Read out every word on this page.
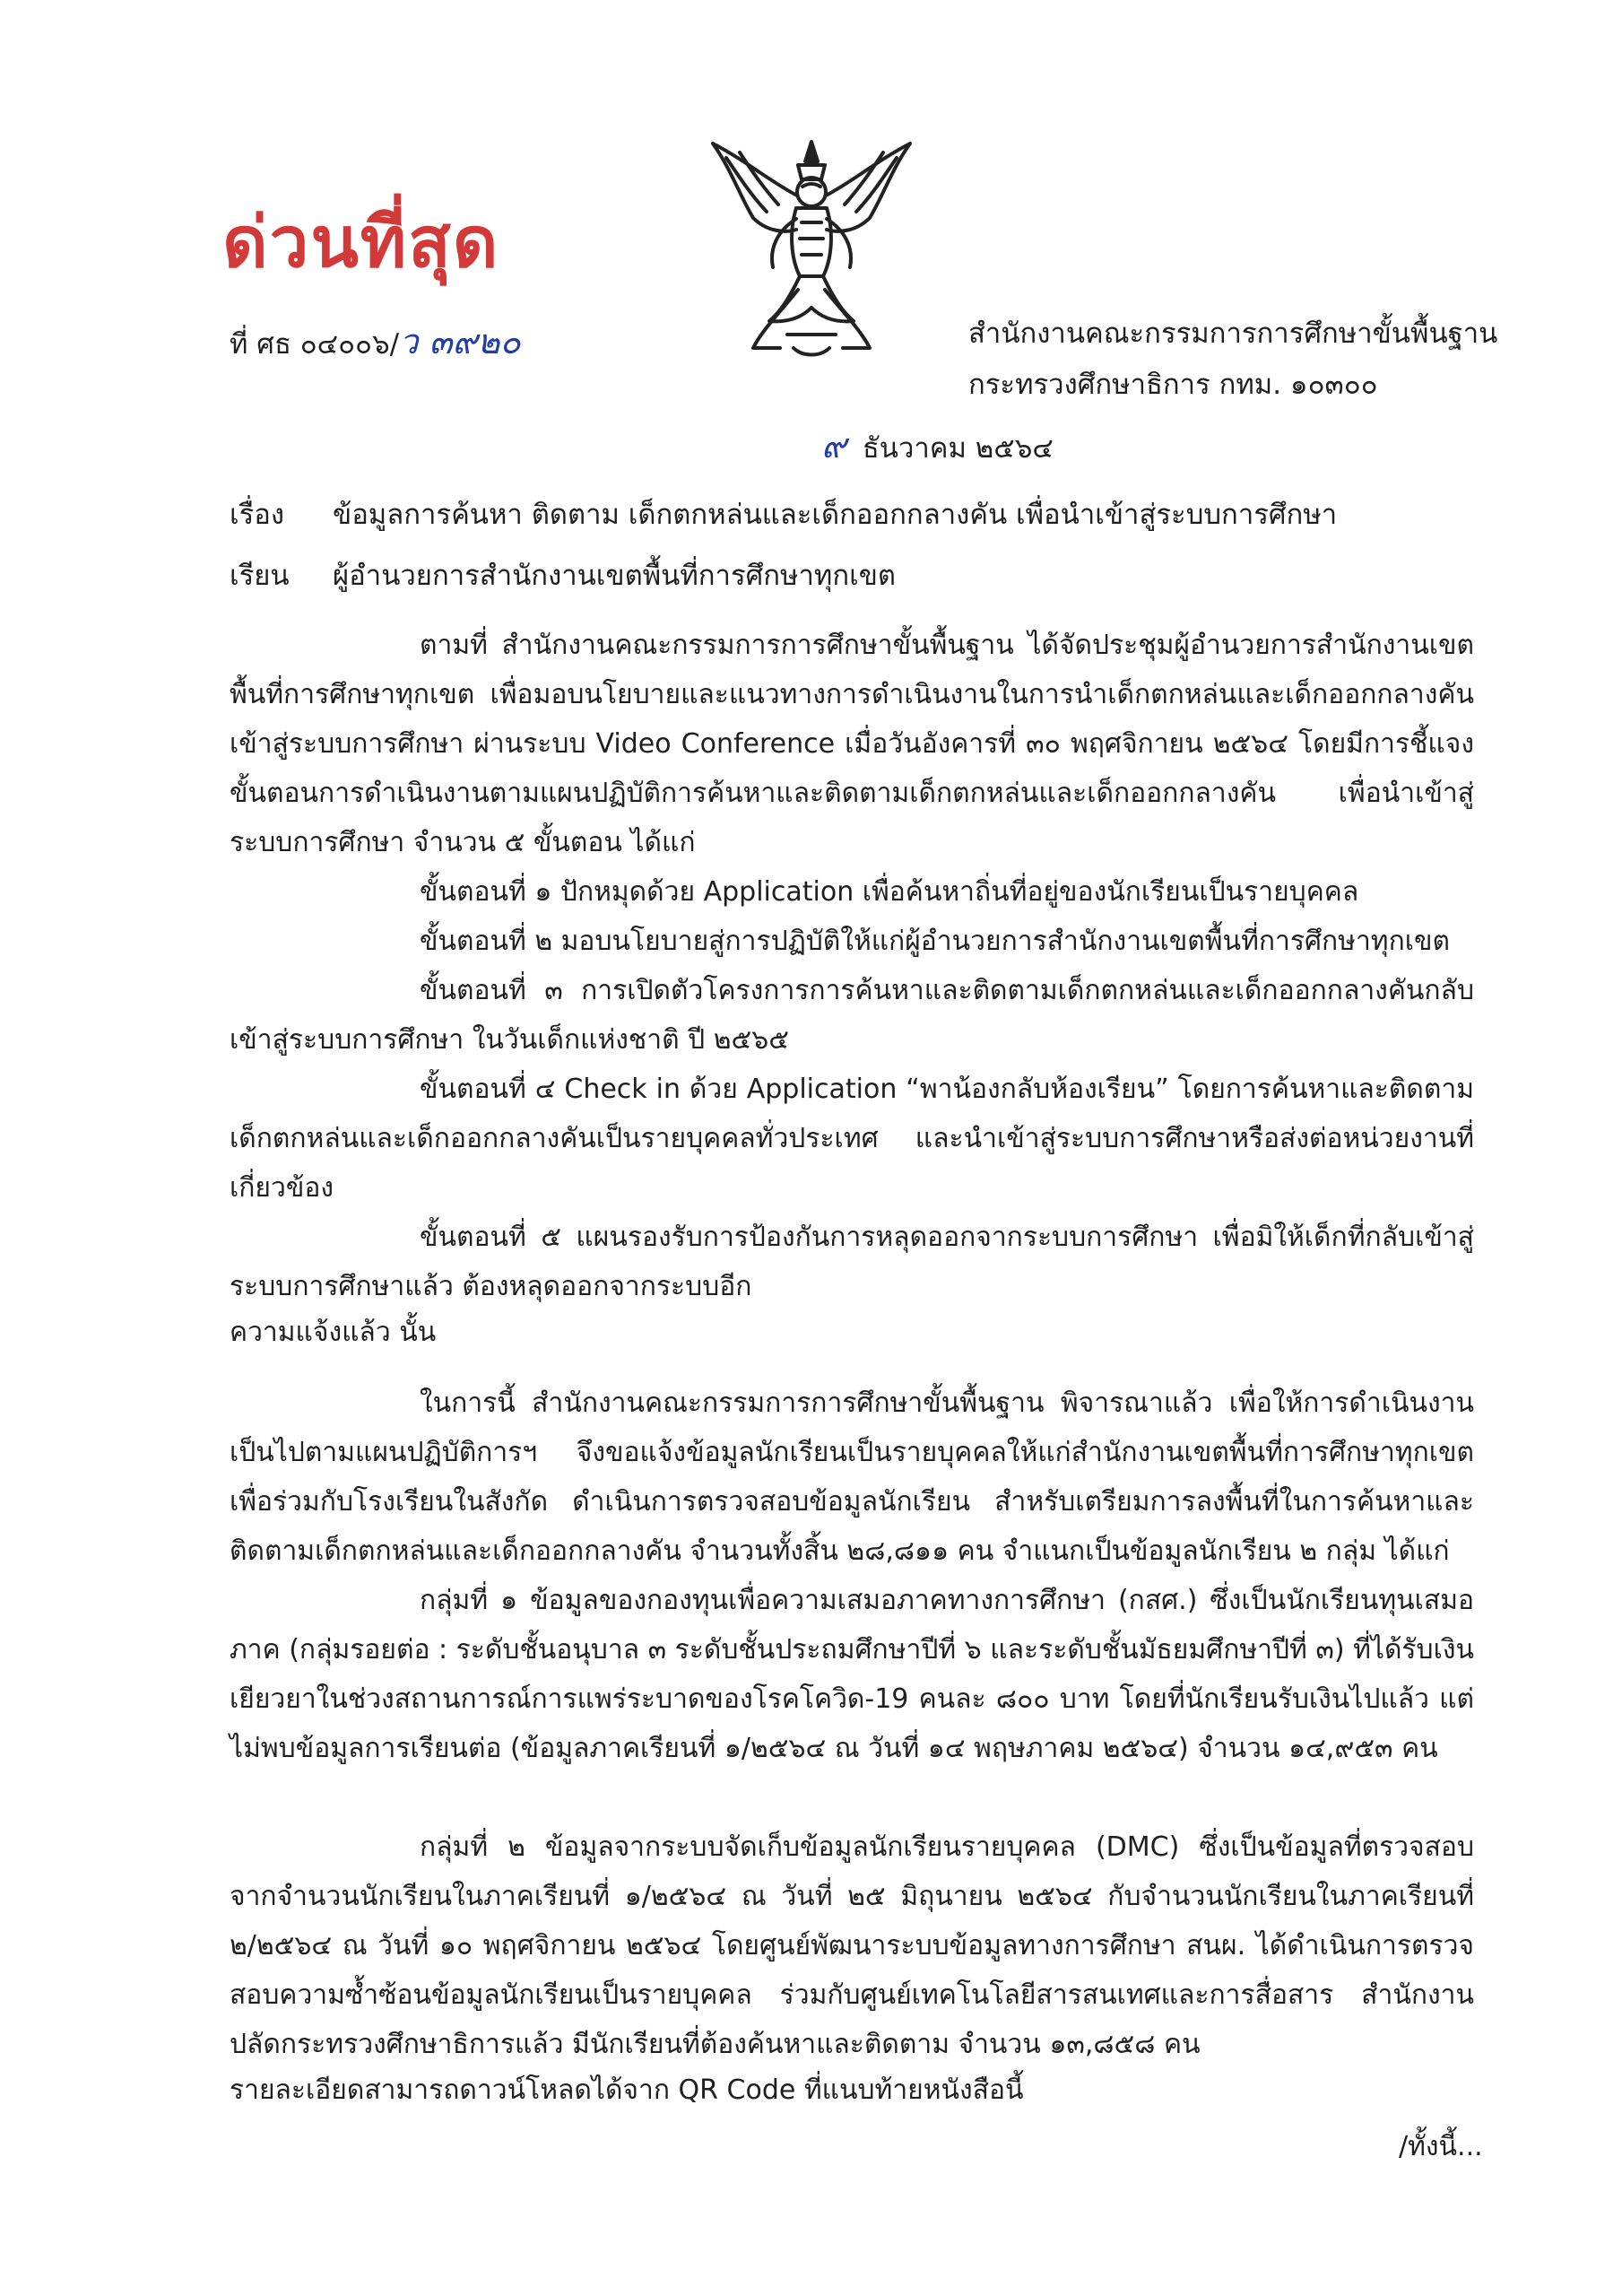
ด่วนที่สุด
ที่ ศธ ๐๔๐๐๖/ว ๓๙๒๐	สำนักงานคณะกรรมการการศึกษาขั้นพื้นฐาน
กระทรวงศึกษาธิการ กทม. ๑๐๓๐๐
๙ ธันวาคม ๒๕๖๔
เรื่อง ข้อมูลการค้นหา ติดตาม เด็กตกหล่นและเด็กออกกลางคัน เพื่อนำเข้าสู่ระบบการศึกษา
เรียน ผู้อำนวยการสำนักงานเขตพื้นที่การศึกษาทุกเขต
ตามที่ สำนักงานคณะกรรมการการศึกษาขั้นพื้นฐาน ได้จัดประชุมผู้อำนวยการสำนักงานเขตพื้นที่การศึกษาทุกเขต เพื่อมอบนโยบายและแนวทางการดำเนินงานในการนำเด็กตกหล่นและเด็กออกกลางคันเข้าสู่ระบบการศึกษา ผ่านระบบ Video Conference เมื่อวันอังคารที่ ๓๐ พฤศจิกายน ๒๕๖๔ โดยมีการชี้แจงขั้นตอนการดำเนินงานตามแผนปฏิบัติการค้นหาและติดตามเด็กตกหล่นและเด็กออกกลางคัน เพื่อนำเข้าสู่ระบบการศึกษา จำนวน ๕ ขั้นตอน ได้แก่
ขั้นตอนที่ ๑ ปักหมุดด้วย Application เพื่อค้นหาถิ่นที่อยู่ของนักเรียนเป็นรายบุคคล
ขั้นตอนที่ ๒ มอบนโยบายสู่การปฏิบัติให้แก่ผู้อำนวยการสำนักงานเขตพื้นที่การศึกษาทุกเขต
ขั้นตอนที่ ๓ การเปิดตัวโครงการการค้นหาและติดตามเด็กตกหล่นและเด็กออกกลางคันกลับเข้าสู่ระบบการศึกษา ในวันเด็กแห่งชาติ ปี ๒๕๖๕
ขั้นตอนที่ ๔ Check in ด้วย Application “พาน้องกลับห้องเรียน” โดยการค้นหาและติดตามเด็กตกหล่นและเด็กออกกลางคันเป็นรายบุคคลทั่วประเทศ และนำเข้าสู่ระบบการศึกษาหรือส่งต่อหน่วยงานที่เกี่ยวข้อง
ขั้นตอนที่ ๕ แผนรองรับการป้องกันการหลุดออกจากระบบการศึกษา เพื่อมิให้เด็กที่กลับเข้าสู่ระบบการศึกษาแล้ว ต้องหลุดออกจากระบบอีก
ความแจ้งแล้ว นั้น
ในการนี้ สำนักงานคณะกรรมการการศึกษาขั้นพื้นฐาน พิจารณาแล้ว เพื่อให้การดำเนินงานเป็นไปตามแผนปฏิบัติการฯ จึงขอแจ้งข้อมูลนักเรียนเป็นรายบุคคลให้แก่สำนักงานเขตพื้นที่การศึกษาทุกเขต เพื่อร่วมกับโรงเรียนในสังกัด ดำเนินการตรวจสอบข้อมูลนักเรียน สำหรับเตรียมการลงพื้นที่ในการค้นหาและติดตามเด็กตกหล่นและเด็กออกกลางคัน จำนวนทั้งสิ้น ๒๘,๘๑๑ คน จำแนกเป็นข้อมูลนักเรียน ๒ กลุ่ม ได้แก่
กลุ่มที่ ๑ ข้อมูลของกองทุนเพื่อความเสมอภาคทางการศึกษา (กสศ.) ซึ่งเป็นนักเรียนทุนเสมอภาค (กลุ่มรอยต่อ : ระดับชั้นอนุบาล ๓ ระดับชั้นประถมศึกษาปีที่ ๖ และระดับชั้นมัธยมศึกษาปีที่ ๓) ที่ได้รับเงินเยียวยาในช่วงสถานการณ์การแพร่ระบาดของโรคโควิด-19 คนละ ๘๐๐ บาท โดยที่นักเรียนรับเงินไปแล้ว แต่ไม่พบข้อมูลการเรียนต่อ (ข้อมูลภาคเรียนที่ ๑/๒๕๖๔ ณ วันที่ ๑๔ พฤษภาคม ๒๕๖๔) จำนวน ๑๔,๙๕๓ คน
กลุ่มที่ ๒ ข้อมูลจากระบบจัดเก็บข้อมูลนักเรียนรายบุคคล (DMC) ซึ่งเป็นข้อมูลที่ตรวจสอบจากจำนวนนักเรียนในภาคเรียนที่ ๑/๒๕๖๔ ณ วันที่ ๒๕ มิถุนายน ๒๕๖๔ กับจำนวนนักเรียนในภาคเรียนที่ ๒/๒๕๖๔ ณ วันที่ ๑๐ พฤศจิกายน ๒๕๖๔ โดยศูนย์พัฒนาระบบข้อมูลทางการศึกษา สนผ. ได้ดำเนินการตรวจสอบความซ้ำซ้อนข้อมูลนักเรียนเป็นรายบุคคล ร่วมกับศูนย์เทคโนโลยีสารสนเทศและการสื่อสาร สำนักงานปลัดกระทรวงศึกษาธิการแล้ว มีนักเรียนที่ต้องค้นหาและติดตาม จำนวน ๑๓,๘๕๘ คน
รายละเอียดสามารถดาวน์โหลดได้จาก QR Code ที่แนบท้ายหนังสือนี้
/ทั้งนี้...
